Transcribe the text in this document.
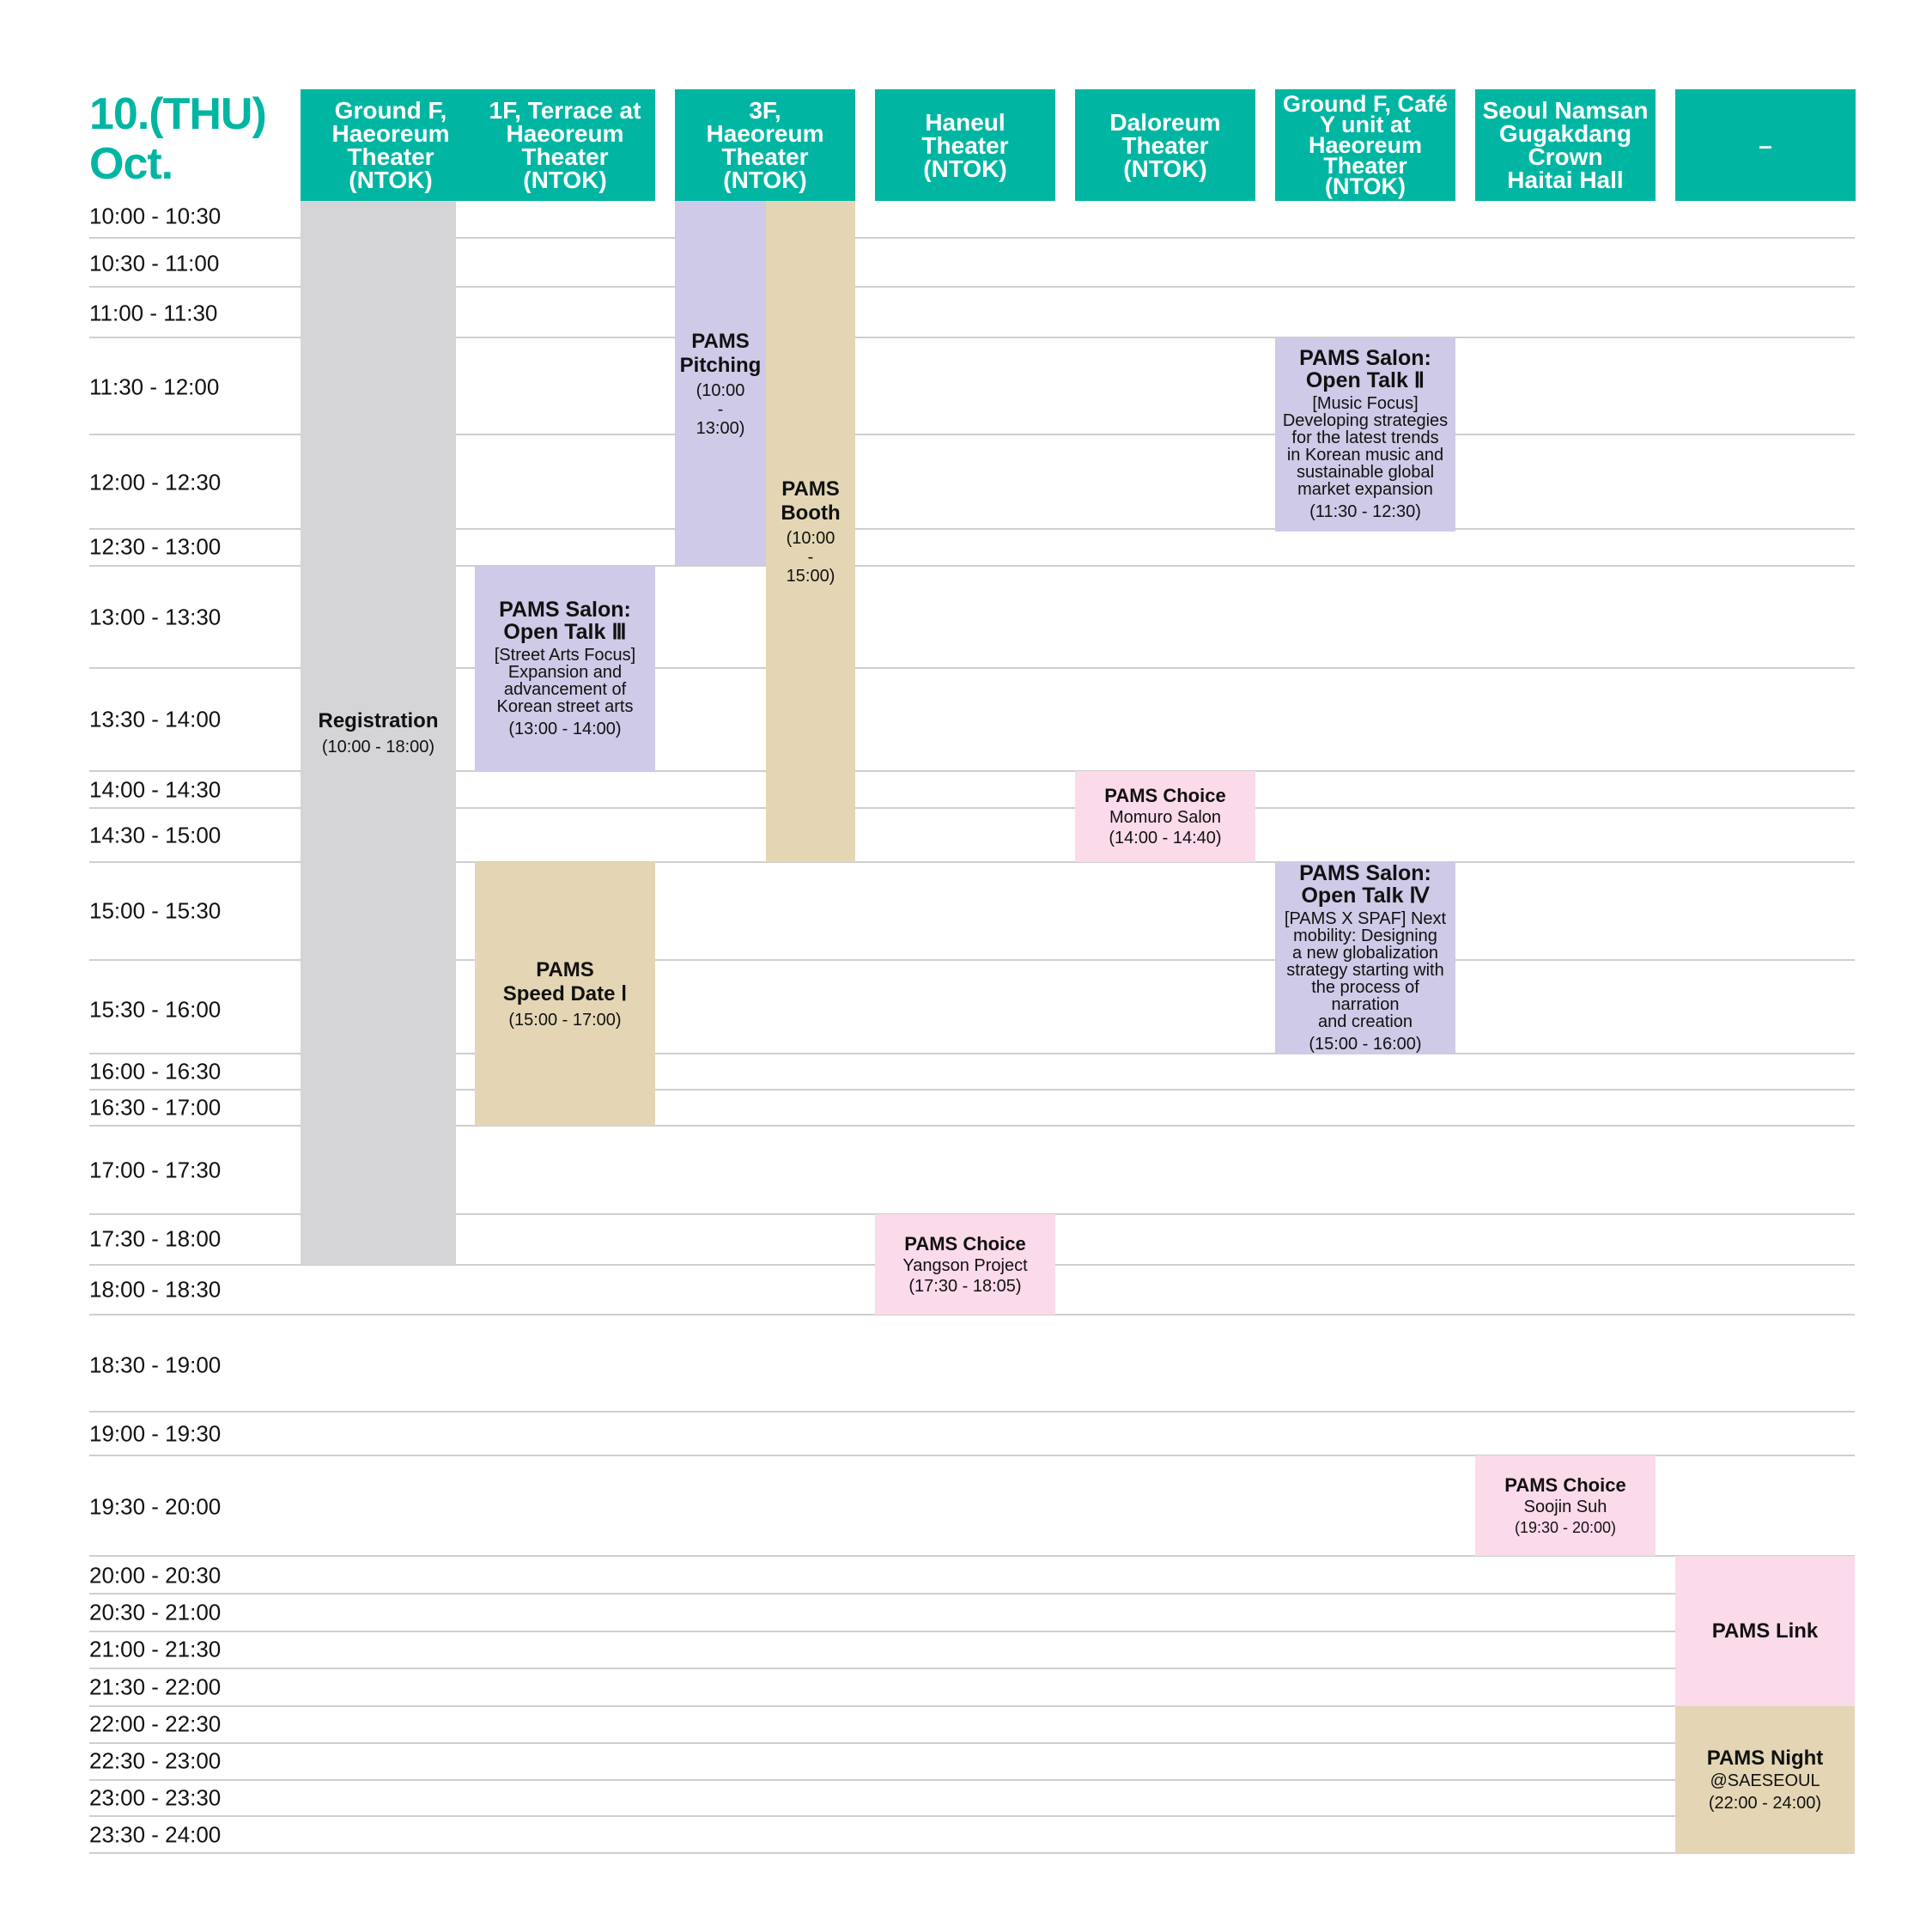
10.(THU)
Oct.
Ground F,
Haeoreum
Theater
(NTOK)
1F, Terrace at
Haeoreum
Theater
(NTOK)
3F,
Haeoreum
Theater
(NTOK)
Haneul
Theater
(NTOK)
Daloreum
Theater
(NTOK)
Ground F, Café
Y unit at
Haeoreum
Theater
(NTOK)
Seoul Namsan
Gugakdang
Crown
Haitai Hall
–
10:00 - 10:30
10:30 - 11:00
11:00 - 11:30
11:30 - 12:00
12:00 - 12:30
12:30 - 13:00
13:00 - 13:30
13:30 - 14:00
14:00 - 14:30
14:30 - 15:00
15:00 - 15:30
15:30 - 16:00
16:00 - 16:30
16:30 - 17:00
17:00 - 17:30
17:30 - 18:00
18:00 - 18:30
18:30 - 19:00
19:00 - 19:30
19:30 - 20:00
20:00 - 20:30
20:30 - 21:00
21:00 - 21:30
21:30 - 22:00
22:00 - 22:30
22:30 - 23:00
23:00 - 23:30
23:30 - 24:00
Registration
(10:00 - 18:00)
PAMS
Pitching
(10:00
-
13:00)
PAMS
Booth
(10:00
-
15:00)
PAMS Salon:
Open Talk Ⅱ
[Music Focus]
Developing strategies
for the latest trends
in Korean music and
sustainable global
market expansion
(11:30 - 12:30)
PAMS Salon:
Open Talk Ⅲ
[Street Arts Focus]
Expansion and
advancement of
Korean street arts
(13:00 - 14:00)
PAMS Choice
Momuro Salon
(14:00 - 14:40)
PAMS Salon:
Open Talk Ⅳ
[PAMS X SPAF] Next
mobility: Designing
a new globalization
strategy starting with
the process of narration
and creation
(15:00 - 16:00)
PAMS
Speed Date Ⅰ
(15:00 - 17:00)
PAMS Choice
Yangson Project
(17:30 - 18:05)
PAMS Choice
Soojin Suh
(19:30 - 20:00)
PAMS Link
PAMS Night
@SAESEOUL
(22:00 - 24:00)
